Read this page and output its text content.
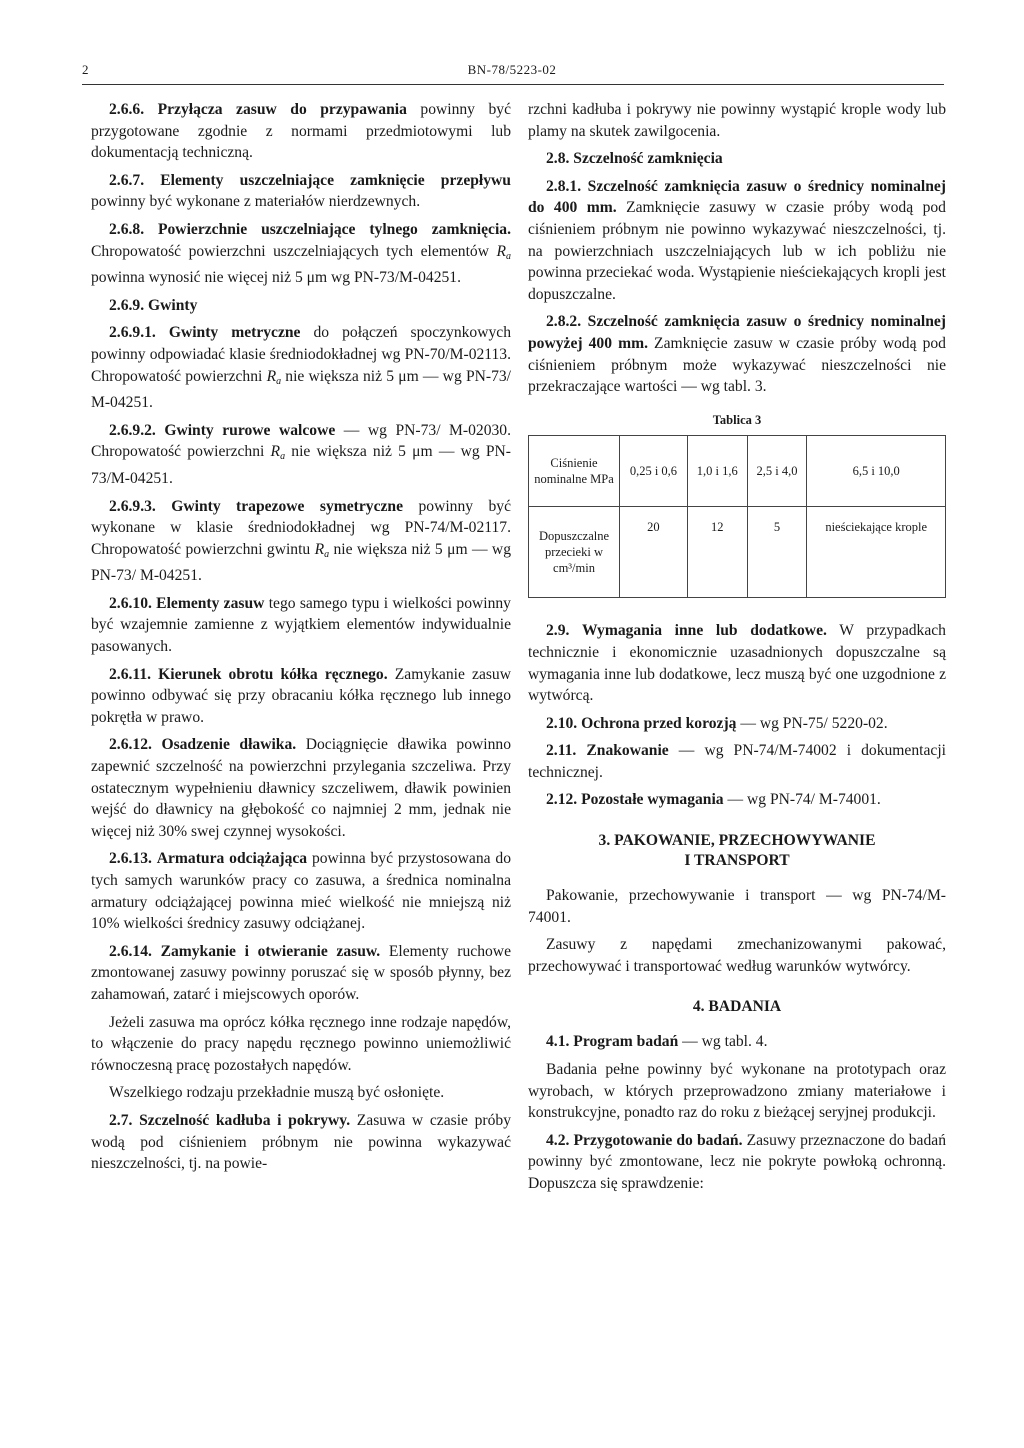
2	BN-78/5223-02

2.6.6. Przyłącza zasuw do przypawania powinny być przygotowane zgodnie z normami przedmiotowymi lub dokumentacją techniczną.

2.6.7. Elementy uszczelniające zamknięcie przepływu powinny być wykonane z materiałów nierdzewnych.

2.6.8. Powierzchnie uszczelniające tylnego zamknięcia. Chropowatość powierzchni uszczelniających tych elementów $R_a$ powinna wynosić nie więcej niż 5 μm wg PN-73/M-04251.

2.6.9. Gwinty

2.6.9.1. Gwinty metryczne do połączeń spoczynkowych powinny odpowiadać klasie średniodokładnej wg PN-70/M-02113. Chropowatość powierzchni $R_a$ nie większa niż 5 μm — wg PN-73/ M-04251.

2.6.9.2. Gwinty rurowe walcowe — wg PN-73/ M-02030. Chropowatość powierzchni $R_a$ nie większa niż 5 μm — wg PN-73/M-04251.

2.6.9.3. Gwinty trapezowe symetryczne powinny być wykonane w klasie średniodokładnej wg PN-74/M-02117. Chropowatość powierzchni gwintu $R_a$ nie większa niż 5 μm — wg PN-73/ M-04251.

2.6.10. Elementy zasuw tego samego typu i wielkości powinny być wzajemnie zamienne z wyjątkiem elementów indywidualnie pasowanych.

2.6.11. Kierunek obrotu kółka ręcznego. Zamykanie zasuw powinno odbywać się przy obracaniu kółka ręcznego lub innego pokrętła w prawo.

2.6.12. Osadzenie dławika. Dociągnięcie dławika powinno zapewnić szczelność na powierzchni przylegania szczeliwa. Przy ostatecznym wypełnieniu dławnicy szczeliwem, dławik powinien wejść do dławnicy na głębokość co najmniej 2 mm, jednak nie więcej niż 30% swej czynnej wysokości.

2.6.13. Armatura odciążająca powinna być przystosowana do tych samych warunków pracy co zasuwa, a średnica nominalna armatury odciążającej powinna mieć wielkość nie mniejszą niż 10% wielkości średnicy zasuwy odciążanej.

2.6.14. Zamykanie i otwieranie zasuw. Elementy ruchowe zmontowanej zasuwy powinny poruszać się w sposób płynny, bez zahamowań, zatarć i miejscowych oporów.

Jeżeli zasuwa ma oprócz kółka ręcznego inne rodzaje napędów, to włączenie do pracy napędu ręcznego powinno uniemożliwić równoczesną pracę pozostałych napędów.

Wszelkiego rodzaju przekładnie muszą być osłonięte.

2.7. Szczelność kadłuba i pokrywy. Zasuwa w czasie próby wodą pod ciśnieniem próbnym nie powinna wykazywać nieszczelności, tj. na powie-

rzchni kadłuba i pokrywy nie powinny wystąpić krople wody lub plamy na skutek zawilgocenia.

2.8. Szczelność zamknięcia

2.8.1. Szczelność zamknięcia zasuw o średnicy nominalnej do 400 mm. Zamknięcie zasuwy w czasie próby wodą pod ciśnieniem próbnym nie powinno wykazywać nieszczelności, tj. na powierzchniach uszczelniających lub w ich pobliżu nie powinna przeciekać woda. Wystąpienie nieściekających kropli jest dopuszczalne.

2.8.2. Szczelność zamknięcia zasuw o średnicy nominalnej powyżej 400 mm. Zamknięcie zasuw w czasie próby wodą pod ciśnieniem próbnym może wykazywać nieszczelności nie przekraczające wartości — wg tabl. 3.

Tablica 3
Ciśnienie nominalne MPa	0,25 i 0,6	1,0 i 1,6	2,5 i 4,0	6,5 i 10,0
Dopuszczalne przecieki w cm³/min	20	12	5	nieściekające krople

2.9. Wymagania inne lub dodatkowe. W przypadkach technicznie i ekonomicznie uzasadnionych dopuszczalne są wymagania inne lub dodatkowe, lecz muszą być one uzgodnione z wytwórcą.

2.10. Ochrona przed korozją — wg PN-75/ 5220-02.

2.11. Znakowanie — wg PN-74/M-74002 i dokumentacji technicznej.

2.12. Pozostałe wymagania — wg PN-74/ M-74001.

3. PAKOWANIE, PRZECHOWYWANIE
I TRANSPORT

Pakowanie, przechowywanie i transport — wg PN-74/M-74001.

Zasuwy z napędami zmechanizowanymi pakować, przechowywać i transportować według warunków wytwórcy.

4. BADANIA

4.1. Program badań — wg tabl. 4.

Badania pełne powinny być wykonane na prototypach oraz wyrobach, w których przeprowadzono zmiany materiałowe i konstrukcyjne, ponadto raz do roku z bieżącej seryjnej produkcji.

4.2. Przygotowanie do badań. Zasuwy przeznaczone do badań powinny być zmontowane, lecz nie pokryte powłoką ochronną. Dopuszcza się sprawdzenie:
